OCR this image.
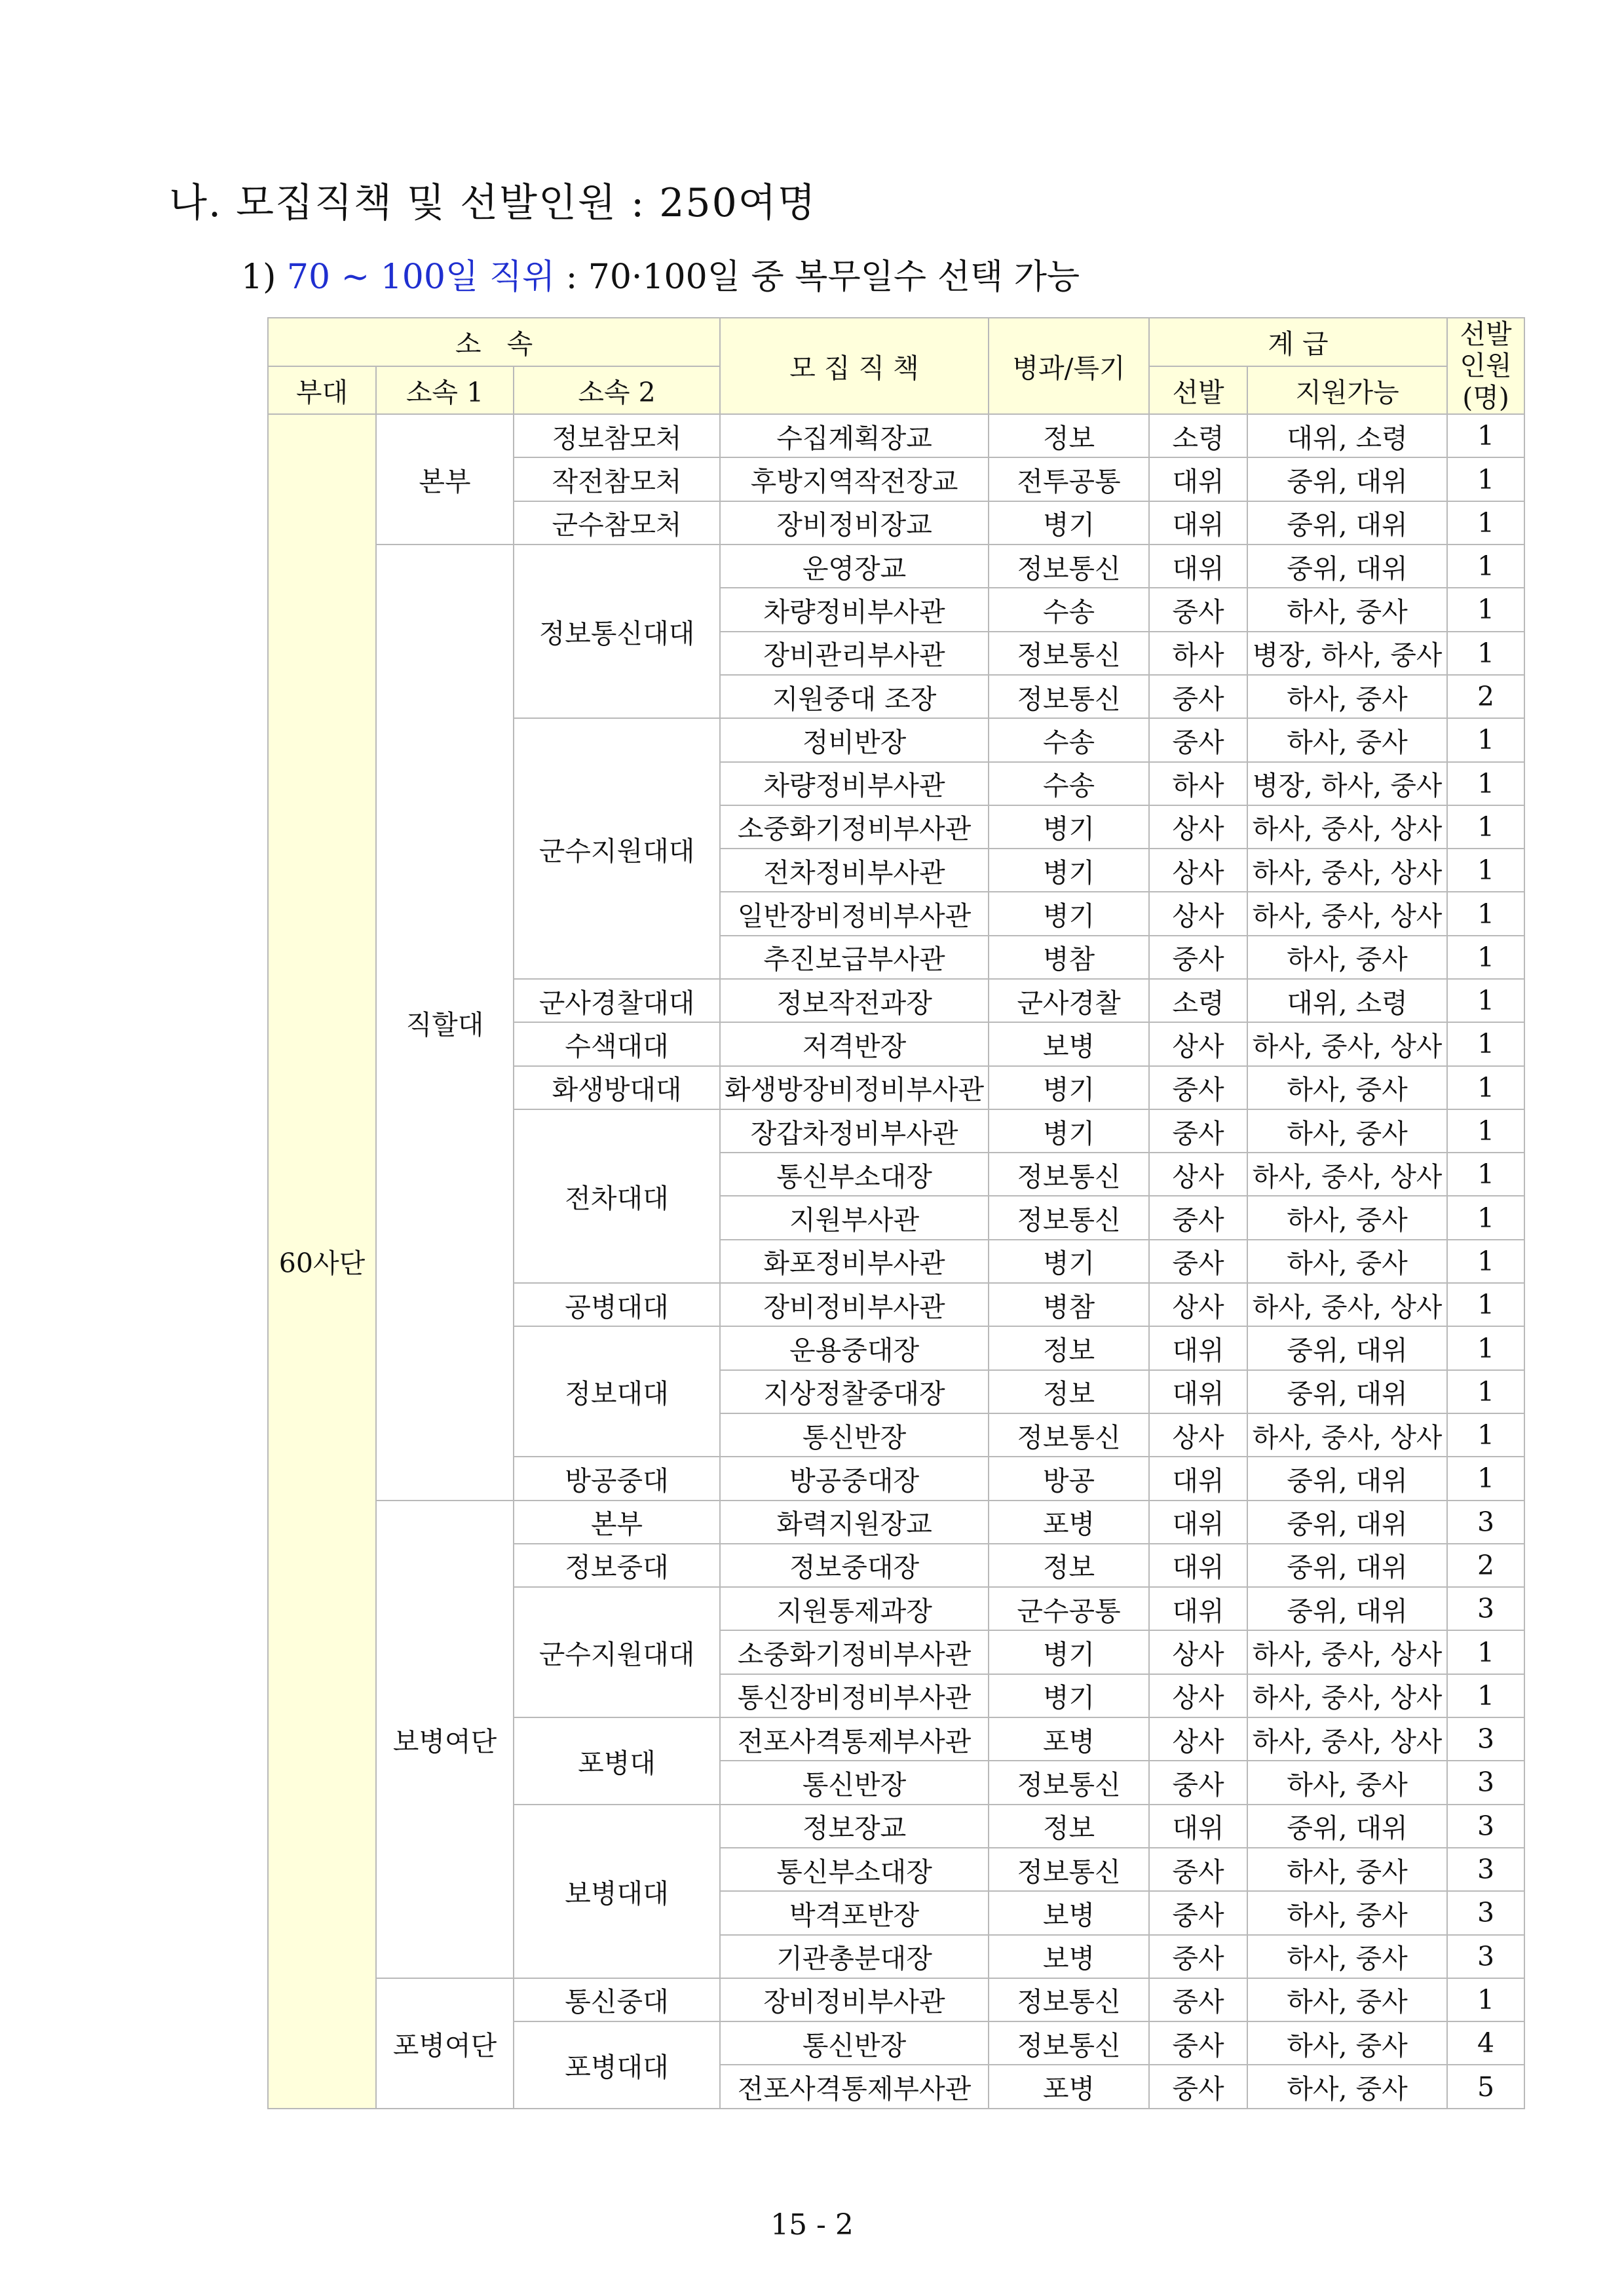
나. 모집직책 및 선발인원 : 250여명
1) 70 ~ 100일 직위 : 70·100일 중 복무일수 선택 가능
소   속			모 집 직 책	병과/특기	계 급		선발
인원
(명)
부대	소속 1	소속 2			선발	지원가능	
60사단	본부	정보참모처	수집계획장교	정보	소령	대위, 소령	1
		작전참모처	후방지역작전장교	전투공통	대위	중위, 대위	1
		군수참모처	장비정비장교	병기	대위	중위, 대위	1
	직할대	정보통신대대	운영장교	정보통신	대위	중위, 대위	1
			차량정비부사관	수송	중사	하사, 중사	1
			장비관리부사관	정보통신	하사	병장, 하사, 중사	1
			지원중대 조장	정보통신	중사	하사, 중사	2
		군수지원대대	정비반장	수송	중사	하사, 중사	1
			차량정비부사관	수송	하사	병장, 하사, 중사	1
			소중화기정비부사관	병기	상사	하사, 중사, 상사	1
			전차정비부사관	병기	상사	하사, 중사, 상사	1
			일반장비정비부사관	병기	상사	하사, 중사, 상사	1
			추진보급부사관	병참	중사	하사, 중사	1
		군사경찰대대	정보작전과장	군사경찰	소령	대위, 소령	1
		수색대대	저격반장	보병	상사	하사, 중사, 상사	1
		화생방대대	화생방장비정비부사관	병기	중사	하사, 중사	1
		전차대대	장갑차정비부사관	병기	중사	하사, 중사	1
			통신부소대장	정보통신	상사	하사, 중사, 상사	1
			지원부사관	정보통신	중사	하사, 중사	1
			화포정비부사관	병기	중사	하사, 중사	1
		공병대대	장비정비부사관	병참	상사	하사, 중사, 상사	1
		정보대대	운용중대장	정보	대위	중위, 대위	1
			지상정찰중대장	정보	대위	중위, 대위	1
			통신반장	정보통신	상사	하사, 중사, 상사	1
		방공중대	방공중대장	방공	대위	중위, 대위	1
	보병여단	본부	화력지원장교	포병	대위	중위, 대위	3
		정보중대	정보중대장	정보	대위	중위, 대위	2
		군수지원대대	지원통제과장	군수공통	대위	중위, 대위	3
			소중화기정비부사관	병기	상사	하사, 중사, 상사	1
			통신장비정비부사관	병기	상사	하사, 중사, 상사	1
		포병대	전포사격통제부사관	포병	상사	하사, 중사, 상사	3
			통신반장	정보통신	중사	하사, 중사	3
		보병대대	정보장교	정보	대위	중위, 대위	3
			통신부소대장	정보통신	중사	하사, 중사	3
			박격포반장	보병	중사	하사, 중사	3
			기관총분대장	보병	중사	하사, 중사	3
	포병여단	통신중대	장비정비부사관	정보통신	중사	하사, 중사	1
		포병대대	통신반장	정보통신	중사	하사, 중사	4
			전포사격통제부사관	포병	중사	하사, 중사	5
15 - 2
